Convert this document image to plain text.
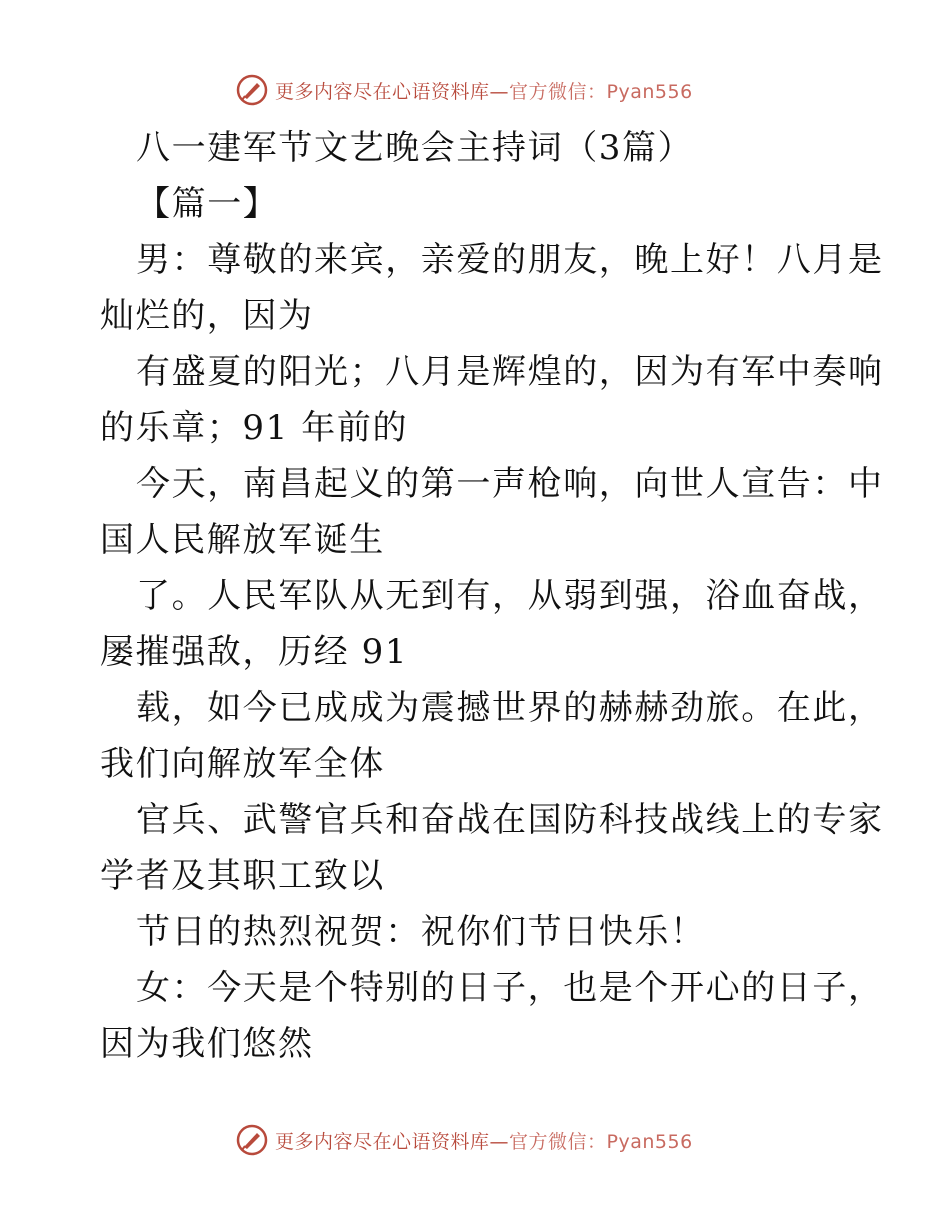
更多内容尽在心语资料库—官方微信：Pyan556
八一建军节文艺晚会主持词（3篇）
【篇一】
男：尊敬的来宾，亲爱的朋友，晚上好！八月是
灿烂的，因为
有盛夏的阳光；八月是辉煌的，因为有军中奏响
的乐章；91 年前的
今天，南昌起义的第一声枪响，向世人宣告：中
国人民解放军诞生
了。人民军队从无到有，从弱到强，浴血奋战，
屡摧强敌，历经 91
载，如今已成成为震撼世界的赫赫劲旅。在此，
我们向解放军全体
官兵、武警官兵和奋战在国防科技战线上的专家
学者及其职工致以
节日的热烈祝贺：祝你们节日快乐！
女：今天是个特别的日子，也是个开心的日子，
因为我们悠然
更多内容尽在心语资料库—官方微信：Pyan556
